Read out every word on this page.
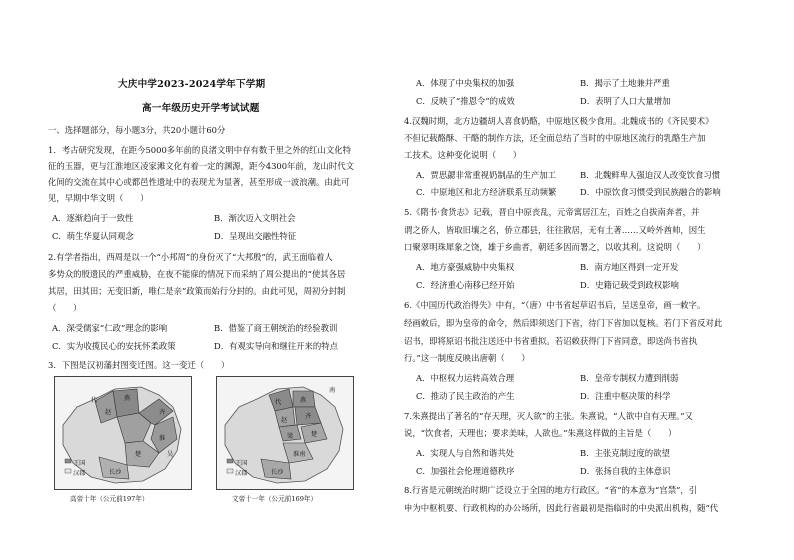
大庆中学2023-2024学年下学期
高一年级历史开学考试试题
一、选择题部分，每小题3分，共20小题计60分
1．考古研究发现，在距今5000多年前的良渚文明中存有数千里之外的红山文化特
征的玉器，更与江淮地区凌家滩文化有着一定的渊源，距今4300年前，龙山时代文
化间的交流在其中心或都邑性遗址中的表现尤为显著，甚至形成一波浪潮。由此可
见，早期中华文明（　　）
A．逐渐趋向于一致性	B．渐次迈入文明社会
C．萌生华夏认同观念	D．呈现出交融性特征
2.有学者指出，西周是以一个“小邦周”的身份灭了“大邦殷”的，武王面临着人
多势众的殷遗民的严重威胁，在夜不能寐的情况下而采纳了周公提出的“使其各居
其居，田其田；无变旧新，唯仁是亲”政策而始行分封的。由此可见，周初分封制
（　　）
A．深受儒家“仁政”理念的影响	B．借鉴了商王朝统治的经验教训
C．实为收揽民心的安抚怀柔政策	D．有观实导向和继往开来的特点
3．下图是汉初藩封图变迁图。这一变迁（　　）
燕
赵	齐
代
楚
淮
吴
长沙
王国
汉郡
高帝十年（公元前197年）
代	燕
赵
齐
梁	楚
淮南
长沙
南
王国
汉郡
文帝十一年（公元前169年）
A．体现了中央集权的加强	B．揭示了土地兼并严重
C．反映了“推恩令”的成效	D．表明了人口大量增加
4.汉魏时期，北方边疆胡人喜食奶酪，中原地区极少食用。北魏成书的《齐民要术》
不但记载酪酥、干酪的制作方法，还全面总结了当时的中原地区流行的乳酪生产加
工技术。这种变化说明（　　）
A．贾思勰非常重视奶制品的生产加工	B．北魏鲜卑人强迫汉人改变饮食习惯
C．中原地区和北方经济联系互动频繁	D．中原饮食习惯受到民族融合的影响
5.《隋书·食货志》记载，晋自中原丧乱，元帝寓居江左，百姓之自拔南奔者，并
谓之侨人，皆取旧壤之名，侨立郡县，往往散居，无有土著……又岭外酋帅，因生
口聚翠明珠犀象之饶，雄于乡曲者，朝廷多因而署之，以收其利。这说明（　　）
A．地方豪强威胁中央集权	B．南方地区得到一定开发
C．经济重心南移已经开始	D．史籍记载受到政权影响
6.《中国历代政治得失》中有，“（唐）中书省起草诏书后，呈送皇帝，画一敕字。
经画敕后，即为皇帝的命令，然后即须送门下省，待门下省加以复核。若门下省反对此
诏书，即将原诏书批注送还中书省重拟。若诏敕获得门下省同意，即送尚书省执
行。”这一制度反映出唐朝（　　）
A．中枢权力运转高效合理	B．皇帝专制权力遭到削弱
C．推动了民主政治的产生	D．注重中枢决策的科学
7.朱熹提出了著名的“存天理，灭人欲”的主张。朱熹说，“人欲中自有天理。”又
说，“饮食者，天理也；要求美味，人欲也。”朱熹这样做的主旨是（　　）
A．实现人与自然和谐共处	B．主张克制过度的欲望
C．加强社会伦理道德秩序	D．张扬自我的主体意识
8.行省是元朝统治时期广泛设立于全国的地方行政区。“省”的本意为“宫禁”，引
申为中枢机要、行政机构的办公场所，因此行省最初是指临时的中央派出机构，随“代
